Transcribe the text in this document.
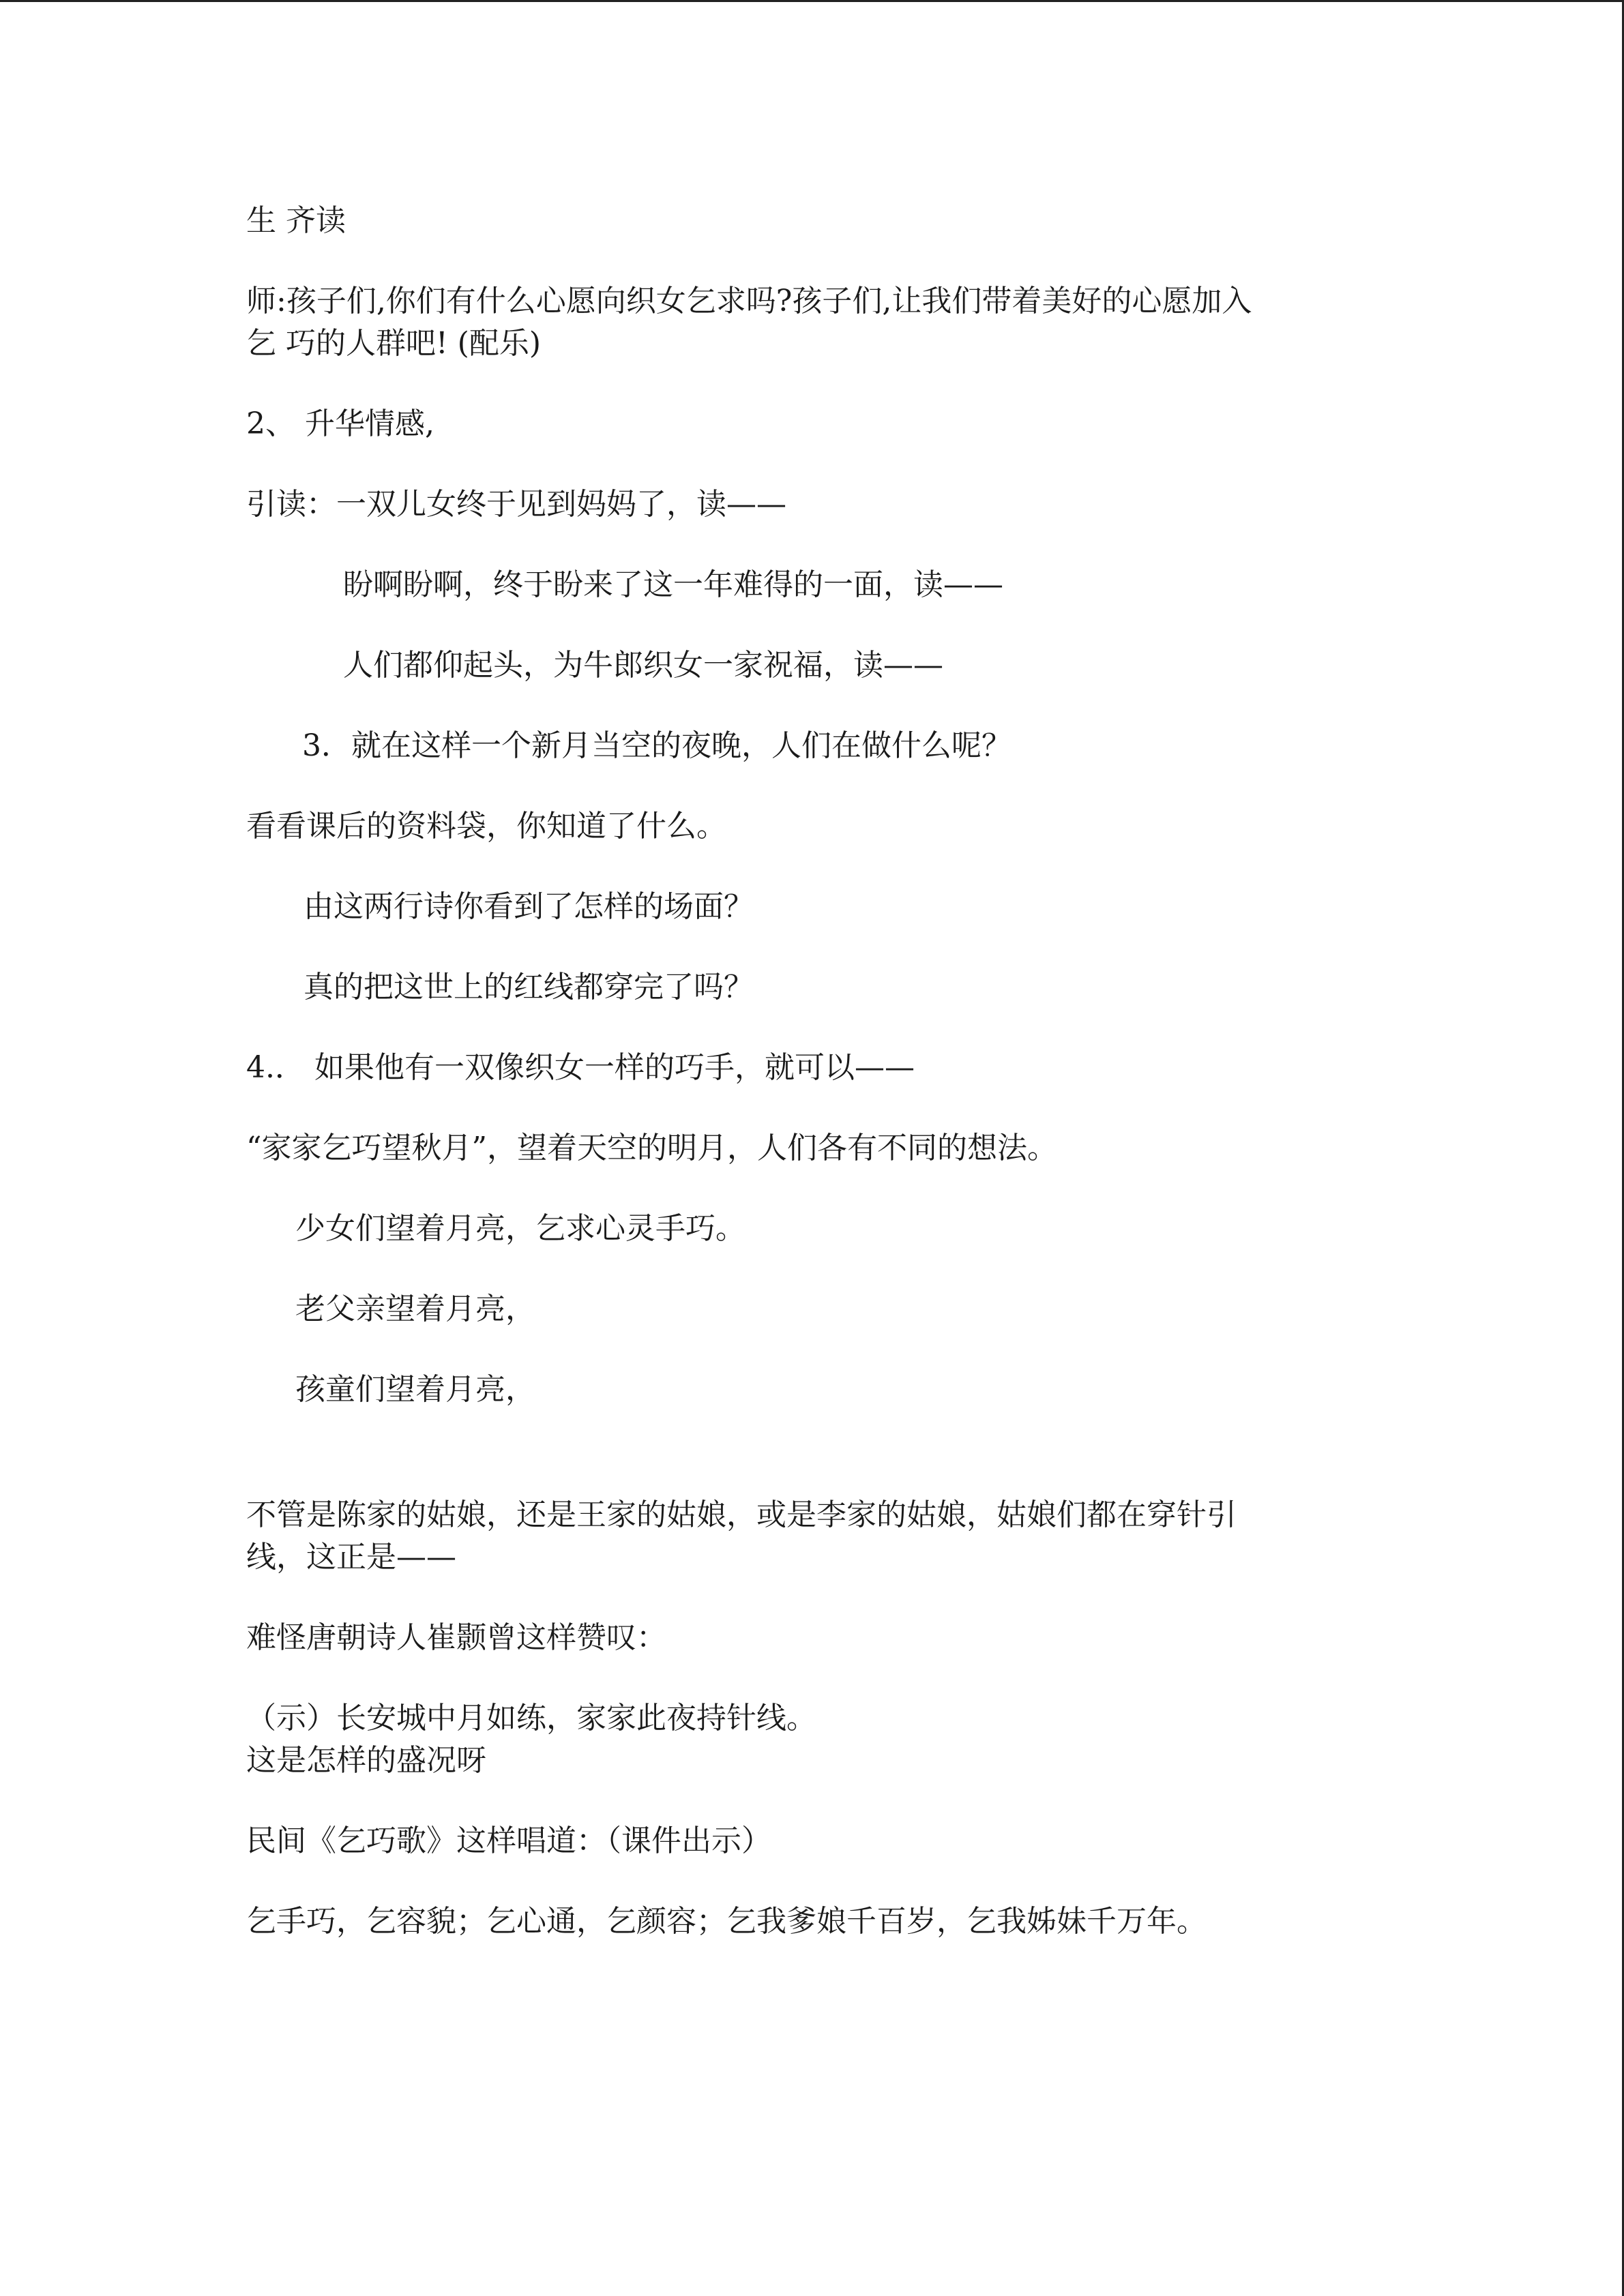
生 齐读

师:孩子们,你们有什么心愿向织女乞求吗?孩子们,让我们带着美好的心愿加入

乞 巧的人群吧! (配乐)

2、 升华情感,

引读：一双儿女终于见到妈妈了，读——

盼啊盼啊，终于盼来了这一年难得的一面，读——

人们都仰起头，为牛郎织女一家祝福，读——

3．就在这样一个新月当空的夜晚，人们在做什么呢？

看看课后的资料袋，你知道了什么。

由这两行诗你看到了怎样的场面？

真的把这世上的红线都穿完了吗？

4.． 如果他有一双像织女一样的巧手，就可以——

“家家乞巧望秋月”，望着天空的明月，人们各有不同的想法。

少女们望着月亮，乞求心灵手巧。

老父亲望着月亮，

孩童们望着月亮，

不管是陈家的姑娘，还是王家的姑娘，或是李家的姑娘，姑娘们都在穿针引

线，这正是——

难怪唐朝诗人崔颢曾这样赞叹：

（示）长安城中月如练，家家此夜持针线。

这是怎样的盛况呀

民间《乞巧歌》这样唱道：（课件出示）

乞手巧，乞容貌；乞心通，乞颜容；乞我爹娘千百岁，乞我姊妹千万年。
